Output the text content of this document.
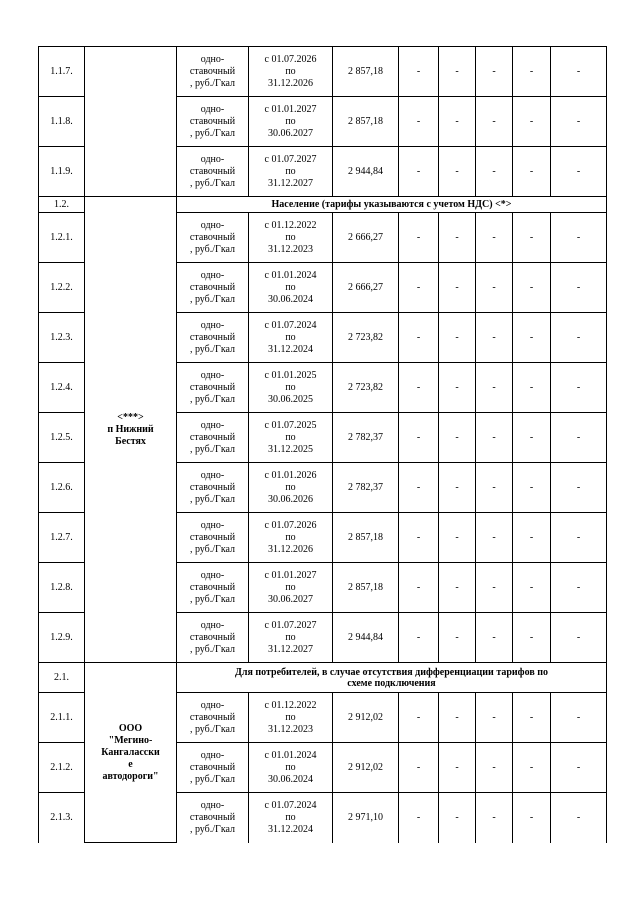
1.1.7.		одно-
ставочный
, руб./Гкал	с 01.07.2026
по
31.12.2026	2 857,18	-	-	-	-	-
1.1.8.		одно-
ставочный
, руб./Гкал	с 01.01.2027
по
30.06.2027	2 857,18	-	-	-	-	-
1.1.9.		одно-
ставочный
, руб./Гкал	с 01.07.2027
по
31.12.2027	2 944,84	-	-	-	-	-
1.2.	<***>
п Нижний
Бестях	Население (тарифы указываются с учетом НДС) <*>							

1.2.1.		одно-
ставочный
, руб./Гкал	с 01.12.2022
по
31.12.2023	2 666,27	-	-	-	-	-
1.2.2.		одно-
ставочный
, руб./Гкал	с 01.01.2024
по
30.06.2024	2 666,27	-	-	-	-	-
1.2.3.		одно-
ставочный
, руб./Гкал	с 01.07.2024
по
31.12.2024	2 723,82	-	-	-	-	-
1.2.4.		одно-
ставочный
, руб./Гкал	с 01.01.2025
по
30.06.2025	2 723,82	-	-	-	-	-
1.2.5.		одно-
ставочный
, руб./Гкал	с 01.07.2025
по
31.12.2025	2 782,37	-	-	-	-	-
1.2.6.		одно-
ставочный
, руб./Гкал	с 01.01.2026
по
30.06.2026	2 782,37	-	-	-	-	-
1.2.7.		одно-
ставочный
, руб./Гкал	с 01.07.2026
по
31.12.2026	2 857,18	-	-	-	-	-
1.2.8.		одно-
ставочный
, руб./Гкал	с 01.01.2027
по
30.06.2027	2 857,18	-	-	-	-	-
1.2.9.		одно-
ставочный
, руб./Гкал	с 01.07.2027
по
31.12.2027	2 944,84	-	-	-	-	-
2.1.	ООО
"Мегино-
Кангаласски
е
автодороги"	Для потребителей, в случае отсутствия дифференциации тарифов по
схеме подключения							

2.1.1.		одно-
ставочный
, руб./Гкал	с 01.12.2022
по
31.12.2023	2 912,02	-	-	-	-	-
2.1.2.		одно-
ставочный
, руб./Гкал	с 01.01.2024
по
30.06.2024	2 912,02	-	-	-	-	-
2.1.3.		одно-
ставочный
, руб./Гкал	с 01.07.2024
по
31.12.2024	2 971,10	-	-	-	-	-
